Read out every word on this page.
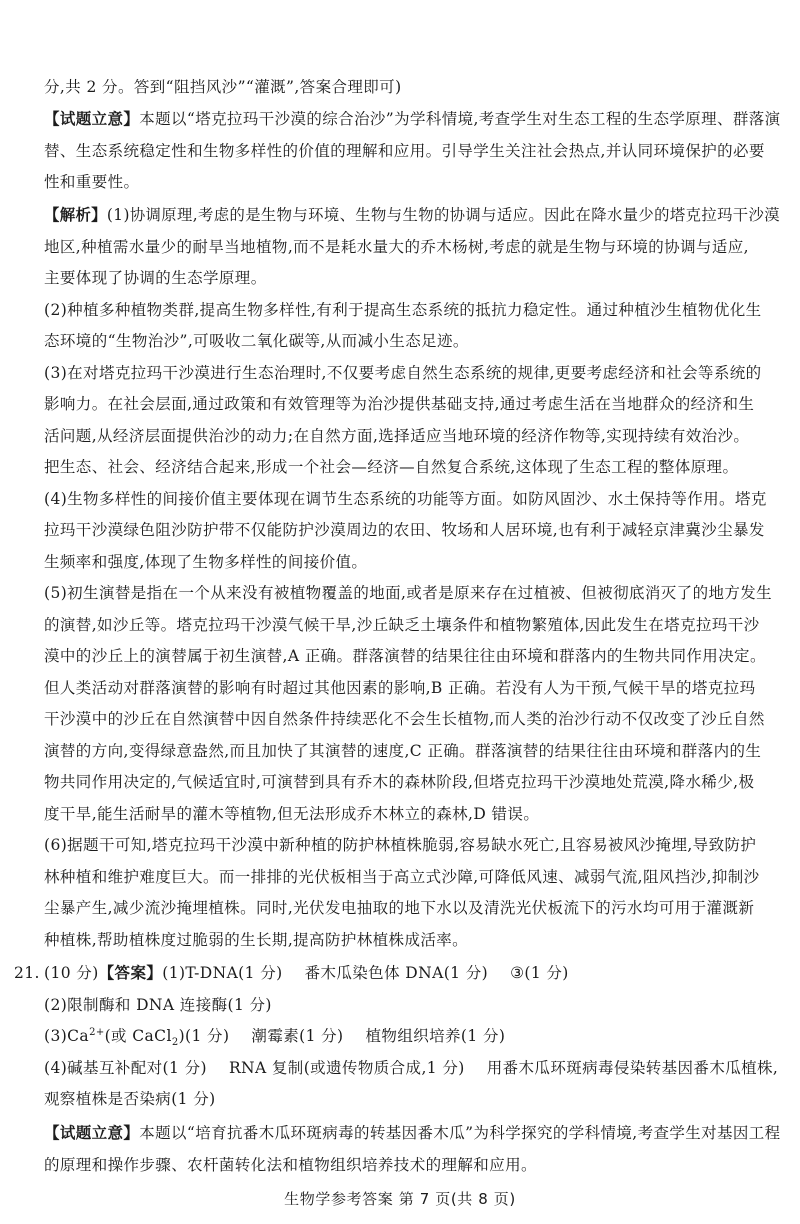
分,共 2 分。答到“阻挡风沙”“灌溉”,答案合理即可)
【试题立意】本题以“塔克拉玛干沙漠的综合治沙”为学科情境,考查学生对生态工程的生态学原理、群落演
替、生态系统稳定性和生物多样性的价值的理解和应用。引导学生关注社会热点,并认同环境保护的必要
性和重要性。
【解析】(1)协调原理,考虑的是生物与环境、生物与生物的协调与适应。因此在降水量少的塔克拉玛干沙漠
地区,种植需水量少的耐旱当地植物,而不是耗水量大的乔木杨树,考虑的就是生物与环境的协调与适应,
主要体现了协调的生态学原理。
(2)种植多种植物类群,提高生物多样性,有利于提高生态系统的抵抗力稳定性。通过种植沙生植物优化生
态环境的“生物治沙”,可吸收二氧化碳等,从而减小生态足迹。
(3)在对塔克拉玛干沙漠进行生态治理时,不仅要考虑自然生态系统的规律,更要考虑经济和社会等系统的
影响力。在社会层面,通过政策和有效管理等为治沙提供基础支持,通过考虑生活在当地群众的经济和生
活问题,从经济层面提供治沙的动力;在自然方面,选择适应当地环境的经济作物等,实现持续有效治沙。
把生态、社会、经济结合起来,形成一个社会—经济—自然复合系统,这体现了生态工程的整体原理。
(4)生物多样性的间接价值主要体现在调节生态系统的功能等方面。如防风固沙、水土保持等作用。塔克
拉玛干沙漠绿色阻沙防护带不仅能防护沙漠周边的农田、牧场和人居环境,也有利于减轻京津冀沙尘暴发
生频率和强度,体现了生物多样性的间接价值。
(5)初生演替是指在一个从来没有被植物覆盖的地面,或者是原来存在过植被、但被彻底消灭了的地方发生
的演替,如沙丘等。塔克拉玛干沙漠气候干旱,沙丘缺乏土壤条件和植物繁殖体,因此发生在塔克拉玛干沙
漠中的沙丘上的演替属于初生演替,A 正确。群落演替的结果往往由环境和群落内的生物共同作用决定。
但人类活动对群落演替的影响有时超过其他因素的影响,B 正确。若没有人为干预,气候干旱的塔克拉玛
干沙漠中的沙丘在自然演替中因自然条件持续恶化不会生长植物,而人类的治沙行动不仅改变了沙丘自然
演替的方向,变得绿意盎然,而且加快了其演替的速度,C 正确。群落演替的结果往往由环境和群落内的生
物共同作用决定的,气候适宜时,可演替到具有乔木的森林阶段,但塔克拉玛干沙漠地处荒漠,降水稀少,极
度干旱,能生活耐旱的灌木等植物,但无法形成乔木林立的森林,D 错误。
(6)据题干可知,塔克拉玛干沙漠中新种植的防护林植株脆弱,容易缺水死亡,且容易被风沙掩埋,导致防护
林种植和维护难度巨大。而一排排的光伏板相当于高立式沙障,可降低风速、减弱气流,阻风挡沙,抑制沙
尘暴产生,减少流沙掩埋植株。同时,光伏发电抽取的地下水以及清洗光伏板流下的污水均可用于灌溉新
种植株,帮助植株度过脆弱的生长期,提高防护林植株成活率。
21. (10 分)【答案】(1)T-DNA(1 分) 番木瓜染色体 DNA(1 分) ③(1 分)
(2)限制酶和 DNA 连接酶(1 分)
$(3)Ca^{2+}$(或 CaCl$_2$)(1 分) 潮霉素(1 分) 植物组织培养(1 分)
(4)碱基互补配对(1 分) RNA 复制(或遗传物质合成,1 分) 用番木瓜环斑病毒侵染转基因番木瓜植株,
观察植株是否染病(1 分)
【试题立意】本题以“培育抗番木瓜环斑病毒的转基因番木瓜”为科学探究的学科情境,考查学生对基因工程
的原理和操作步骤、农杆菌转化法和植物组织培养技术的理解和应用。
生物学参考答案 第 7 页(共 8 页)
